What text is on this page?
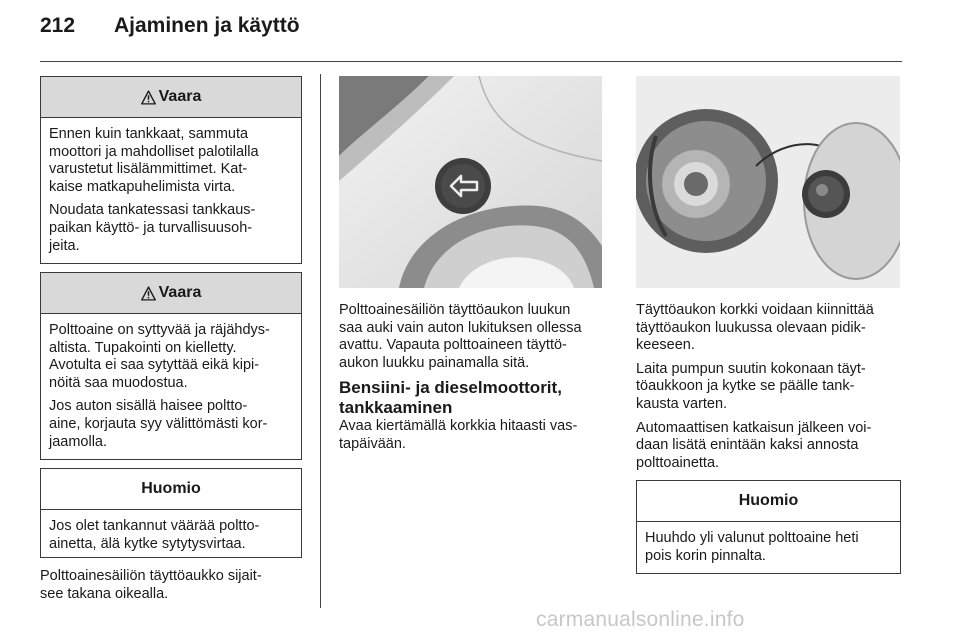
212 Ajaminen ja käyttö
Vaara

Ennen kuin tankkaat, sammuta
moottori ja mahdolliset palotilalla
varustetut lisälämmittimet. Kat-
kaise matkapuhelimista virta.

Noudata tankatessasi tankkaus-
paikan käyttö- ja turvallisuusoh-
jeita.

Vaara

Polttoaine on syttyvää ja räjähdys-
altista. Tupakointi on kielletty.
Avotulta ei saa sytyttää eikä kipi-
nöitä saa muodostua.

Jos auton sisällä haisee poltto-
aine, korjauta syy välittömästi kor-
jaamolla.

Huomio

Jos olet tankannut väärää poltto-
ainetta, älä kytke sytytysvirtaa.

Polttoainesäiliön täyttöaukko sijait-
see takana oikealla.

Polttoainesäiliön täyttöaukon luukun
saa auki vain auton lukituksen ollessa
avattu. Vapauta polttoaineen täyttö-
aukon luukku painamalla sitä.

Bensiini- ja dieselmoottorit,
tankkaaminen

Avaa kiertämällä korkkia hitaasti vas-
tapäivään.

Täyttöaukon korkki voidaan kiinnittää
täyttöaukon luukussa olevaan pidik-
keeseen.

Laita pumpun suutin kokonaan täyt-
töaukkoon ja kytke se päälle tank-
kausta varten.

Automaattisen katkaisun jälkeen voi-
daan lisätä enintään kaksi annosta
polttoainetta.

Huomio

Huuhdo yli valunut polttoaine heti
pois korin pinnalta.

carmanualsonline.info
